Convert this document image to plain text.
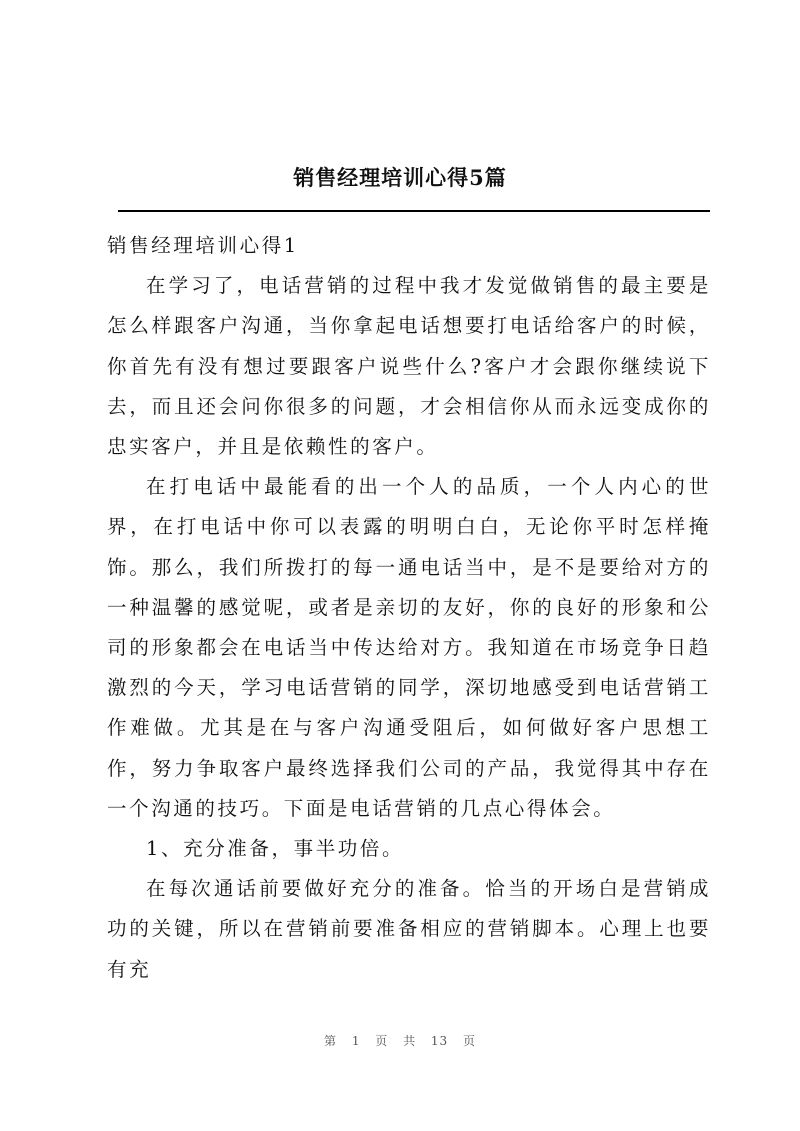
销售经理培训心得5篇

销售经理培训心得1

在学习了，电话营销的过程中我才发觉做销售的最主要是怎么样跟客户沟通，当你拿起电话想要打电话给客户的时候，你首先有没有想过要跟客户说些什么?客户才会跟你继续说下去，而且还会问你很多的问题，才会相信你从而永远变成你的忠实客户，并且是依赖性的客户。

在打电话中最能看的出一个人的品质，一个人内心的世界，在打电话中你可以表露的明明白白，无论你平时怎样掩饰。那么，我们所拨打的每一通电话当中，是不是要给对方的一种温馨的感觉呢，或者是亲切的友好，你的良好的形象和公司的形象都会在电话当中传达给对方。我知道在市场竞争日趋激烈的今天，学习电话营销的同学，深切地感受到电话营销工作难做。尤其是在与客户沟通受阻后，如何做好客户思想工作，努力争取客户最终选择我们公司的产品，我觉得其中存在一个沟通的技巧。下面是电话营销的几点心得体会。

1、充分准备，事半功倍。

在每次通话前要做好充分的准备。恰当的开场白是营销成功的关键，所以在营销前要准备相应的营销脚本。心理上也要有充

第 1 页 共 13 页
